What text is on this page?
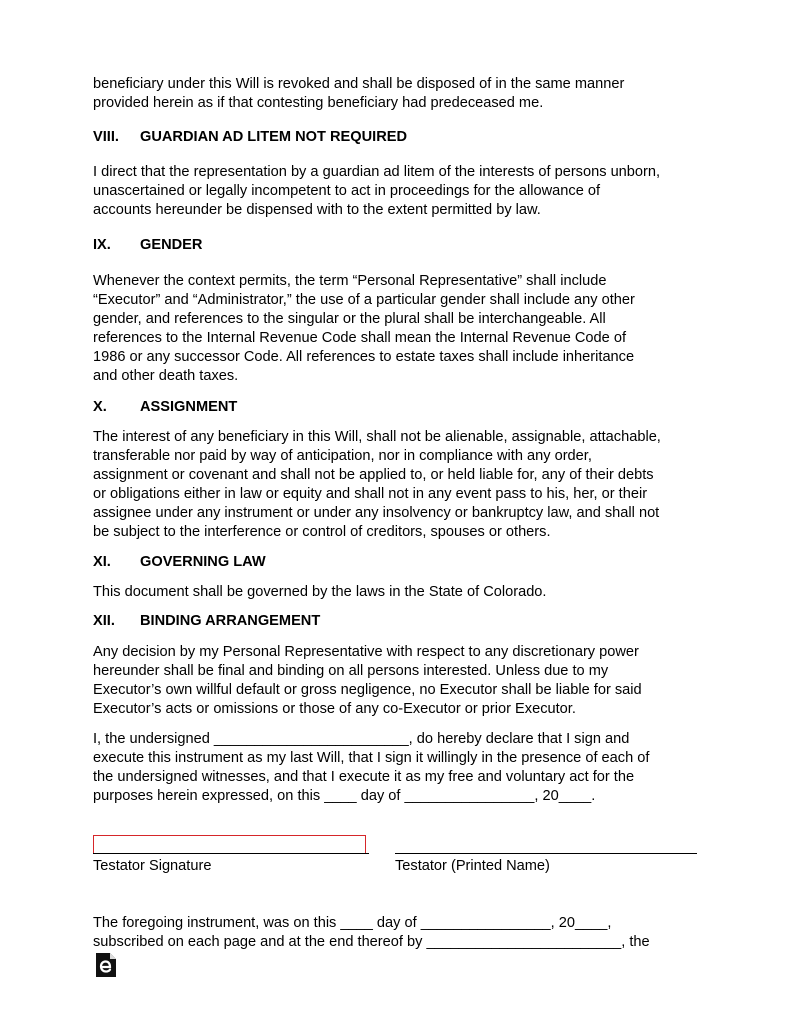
beneficiary under this Will is revoked and shall be disposed of in the same manner
provided herein as if that contesting beneficiary had predeceased me.
VIII. GUARDIAN AD LITEM NOT REQUIRED
I direct that the representation by a guardian ad litem of the interests of persons unborn,
unascertained or legally incompetent to act in proceedings for the allowance of
accounts hereunder be dispensed with to the extent permitted by law.
IX. GENDER
Whenever the context permits, the term “Personal Representative” shall include
“Executor” and “Administrator,” the use of a particular gender shall include any other
gender, and references to the singular or the plural shall be interchangeable. All
references to the Internal Revenue Code shall mean the Internal Revenue Code of
1986 or any successor Code. All references to estate taxes shall include inheritance
and other death taxes.
X. ASSIGNMENT
The interest of any beneficiary in this Will, shall not be alienable, assignable, attachable,
transferable nor paid by way of anticipation, nor in compliance with any order,
assignment or covenant and shall not be applied to, or held liable for, any of their debts
or obligations either in law or equity and shall not in any event pass to his, her, or their
assignee under any instrument or under any insolvency or bankruptcy law, and shall not
be subject to the interference or control of creditors, spouses or others.
XI. GOVERNING LAW
This document shall be governed by the laws in the State of Colorado.
XII. BINDING ARRANGEMENT
Any decision by my Personal Representative with respect to any discretionary power
hereunder shall be final and binding on all persons interested. Unless due to my
Executor’s own willful default or gross negligence, no Executor shall be liable for said
Executor’s acts or omissions or those of any co-Executor or prior Executor.
I, the undersigned ________________________, do hereby declare that I sign and
execute this instrument as my last Will, that I sign it willingly in the presence of each of
the undersigned witnesses, and that I execute it as my free and voluntary act for the
purposes herein expressed, on this ____ day of ________________, 20____.
Testator Signature	Testator (Printed Name)
The foregoing instrument, was on this ____ day of ________________, 20____,
subscribed on each page and at the end thereof by ________________________, the
